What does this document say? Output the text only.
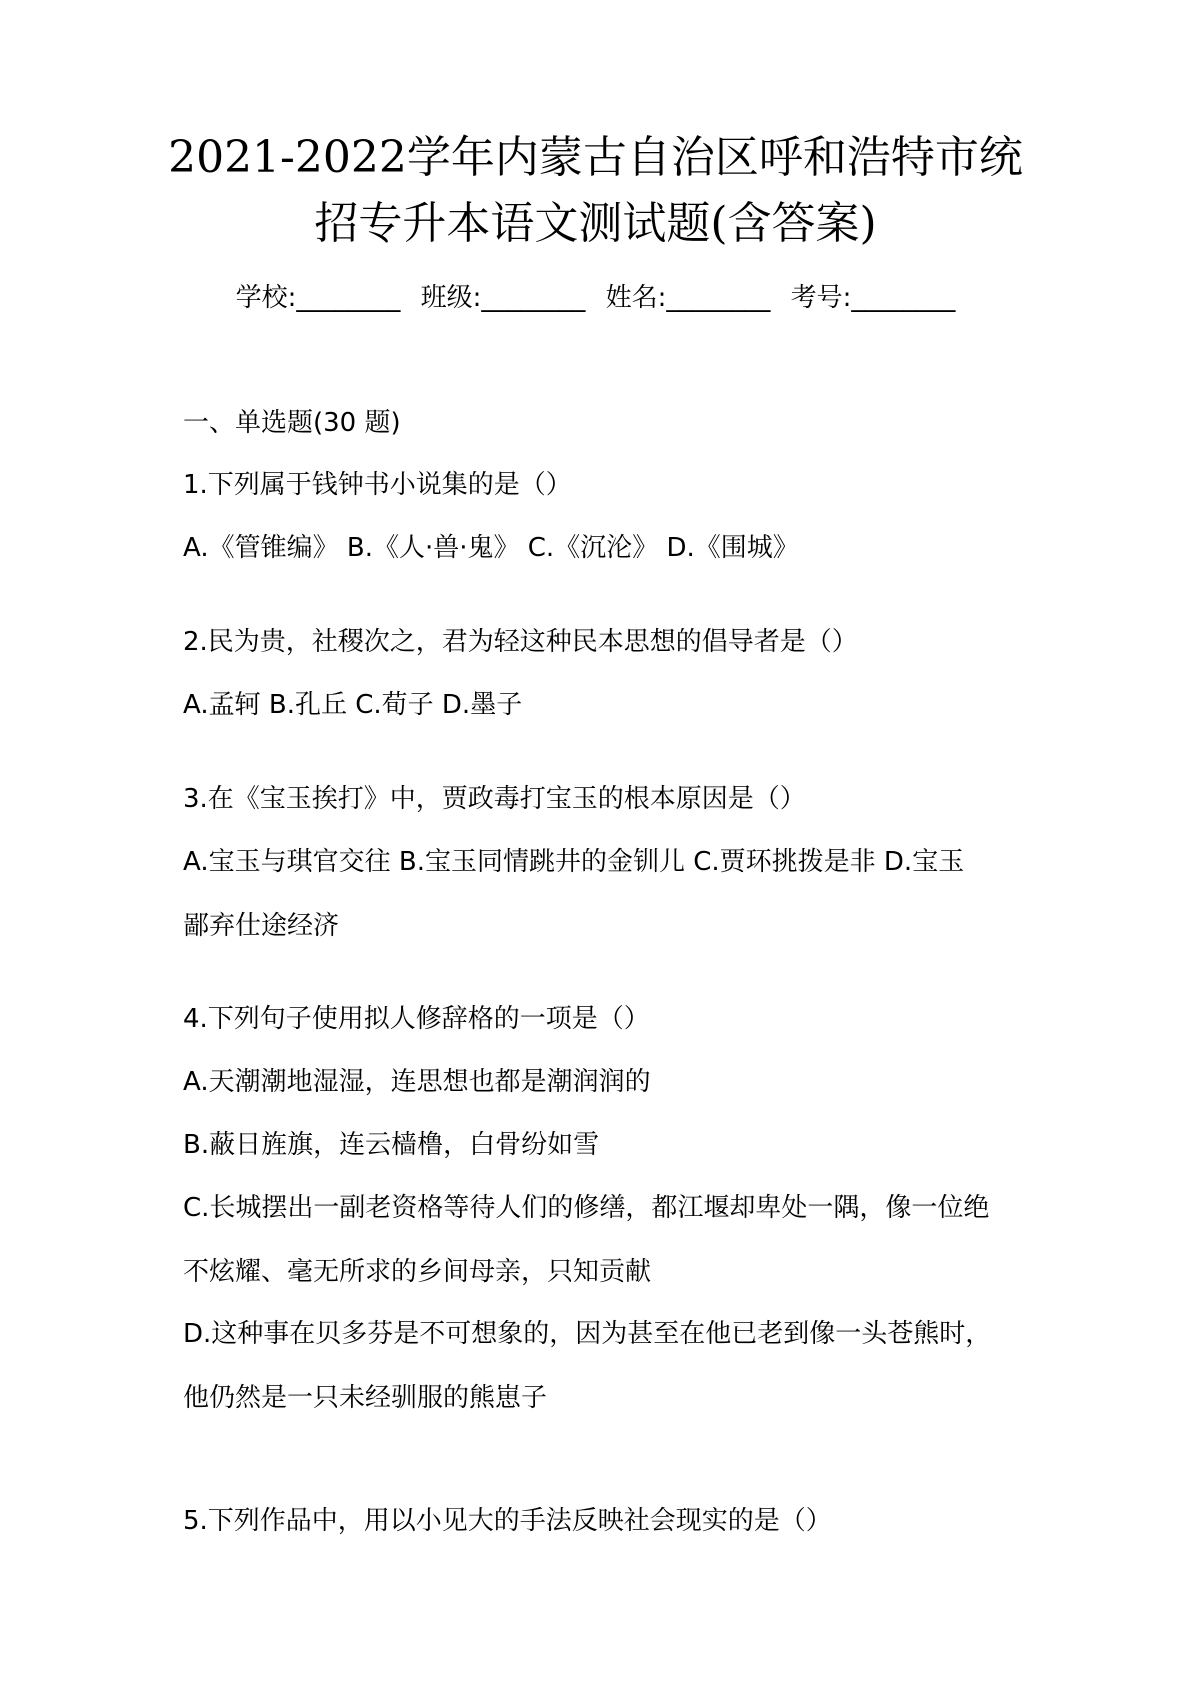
2021-2022学年内蒙古自治区呼和浩特市统
招专升本语文测试题(含答案)
学校:________ 班级:________ 姓名:________ 考号:________
一、单选题(30 题)
1.下列属于钱钟书小说集的是（）
A.《管锥编》 B.《人·兽·鬼》 C.《沉沦》 D.《围城》
2.民为贵，社稷次之，君为轻这种民本思想的倡导者是（）
A.孟轲 B.孔丘 C.荀子 D.墨子
3.在《宝玉挨打》中，贾政毒打宝玉的根本原因是（）
A.宝玉与琪官交往 B.宝玉同情跳井的金钏儿 C.贾环挑拨是非 D.宝玉
鄙弃仕途经济
4.下列句子使用拟人修辞格的一项是（）
A.天潮潮地湿湿，连思想也都是潮润润的
B.蔽日旌旗，连云樯橹，白骨纷如雪
C.长城摆出一副老资格等待人们的修缮，都江堰却卑处一隅，像一位绝
不炫耀、毫无所求的乡间母亲，只知贡献
D.这种事在贝多芬是不可想象的，因为甚至在他已老到像一头苍熊时，
他仍然是一只未经驯服的熊崽子
5.下列作品中，用以小见大的手法反映社会现实的是（）
